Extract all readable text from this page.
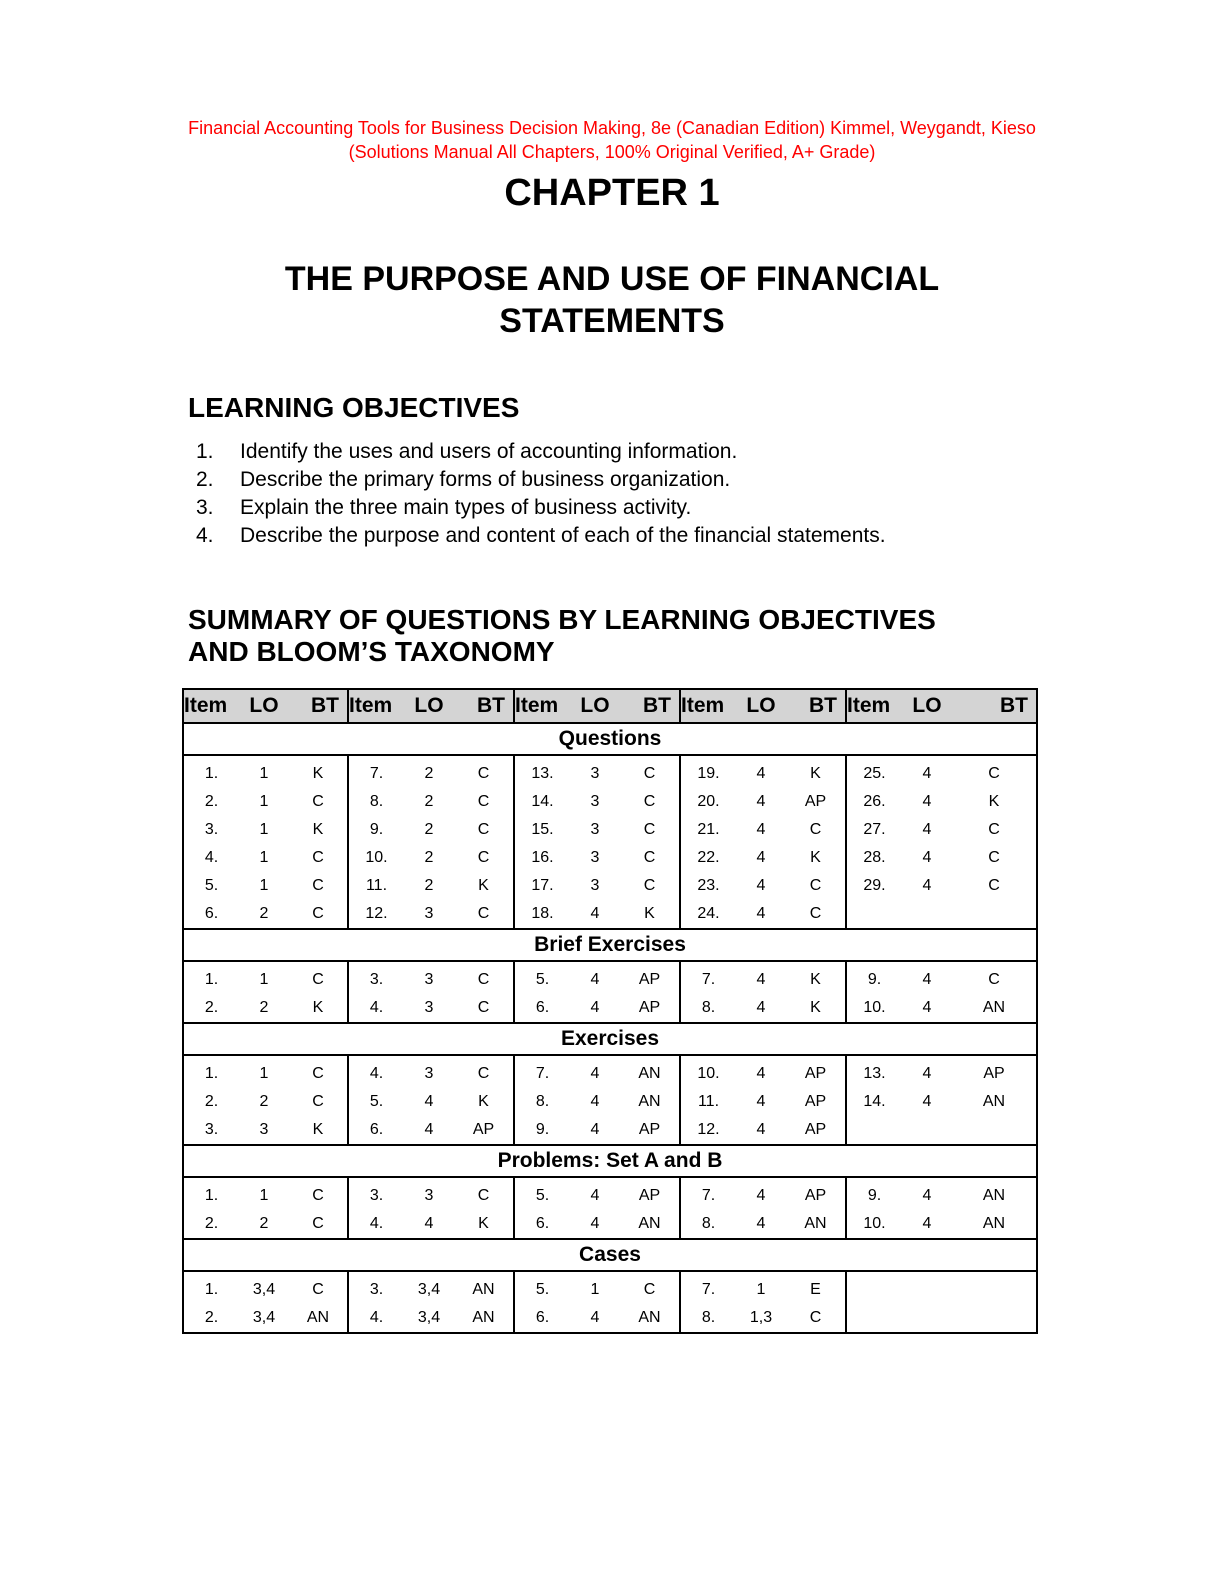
Financial Accounting Tools for Business Decision Making, 8e (Canadian Edition) Kimmel, Weygandt, Kieso
(Solutions Manual All Chapters, 100% Original Verified, A+ Grade)
CHAPTER 1
THE PURPOSE AND USE OF FINANCIAL
STATEMENTS
LEARNING OBJECTIVES
1.	Identify the uses and users of accounting information.
2.	Describe the primary forms of business organization.
3.	Explain the three main types of business activity.
4.	Describe the purpose and content of each of the financial statements.
SUMMARY OF QUESTIONS BY LEARNING OBJECTIVES
AND BLOOM’S TAXONOMY
Item	LO	BT	Item	LO	BT	Item	LO	BT	Item	LO	BT	Item	LO	BT
Questions														
1.	1	K	7.	2	C	13.	3	C	19.	4	K	25.	4	C
2.	1	C	8.	2	C	14.	3	C	20.	4	AP	26.	4	K
3.	1	K	9.	2	C	15.	3	C	21.	4	C	27.	4	C
4.	1	C	10.	2	C	16.	3	C	22.	4	K	28.	4	C
5.	1	C	11.	2	K	17.	3	C	23.	4	C	29.	4	C
6.	2	C	12.	3	C	18.	4	K	24.	4	C			
Brief Exercises														
1.	1	C	3.	3	C	5.	4	AP	7.	4	K	9.	4	C
2.	2	K	4.	3	C	6.	4	AP	8.	4	K	10.	4	AN
Exercises														
1.	1	C	4.	3	C	7.	4	AN	10.	4	AP	13.	4	AP
2.	2	C	5.	4	K	8.	4	AN	11.	4	AP	14.	4	AN
3.	3	K	6.	4	AP	9.	4	AP	12.	4	AP			
Problems: Set A and B														
1.	1	C	3.	3	C	5.	4	AP	7.	4	AP	9.	4	AN
2.	2	C	4.	4	K	6.	4	AN	8.	4	AN	10.	4	AN
Cases														
1.	3,4	C	3.	3,4	AN	5.	1	C	7.	1	E			
2.	3,4	AN	4.	3,4	AN	6.	4	AN	8.	1,3	C			
